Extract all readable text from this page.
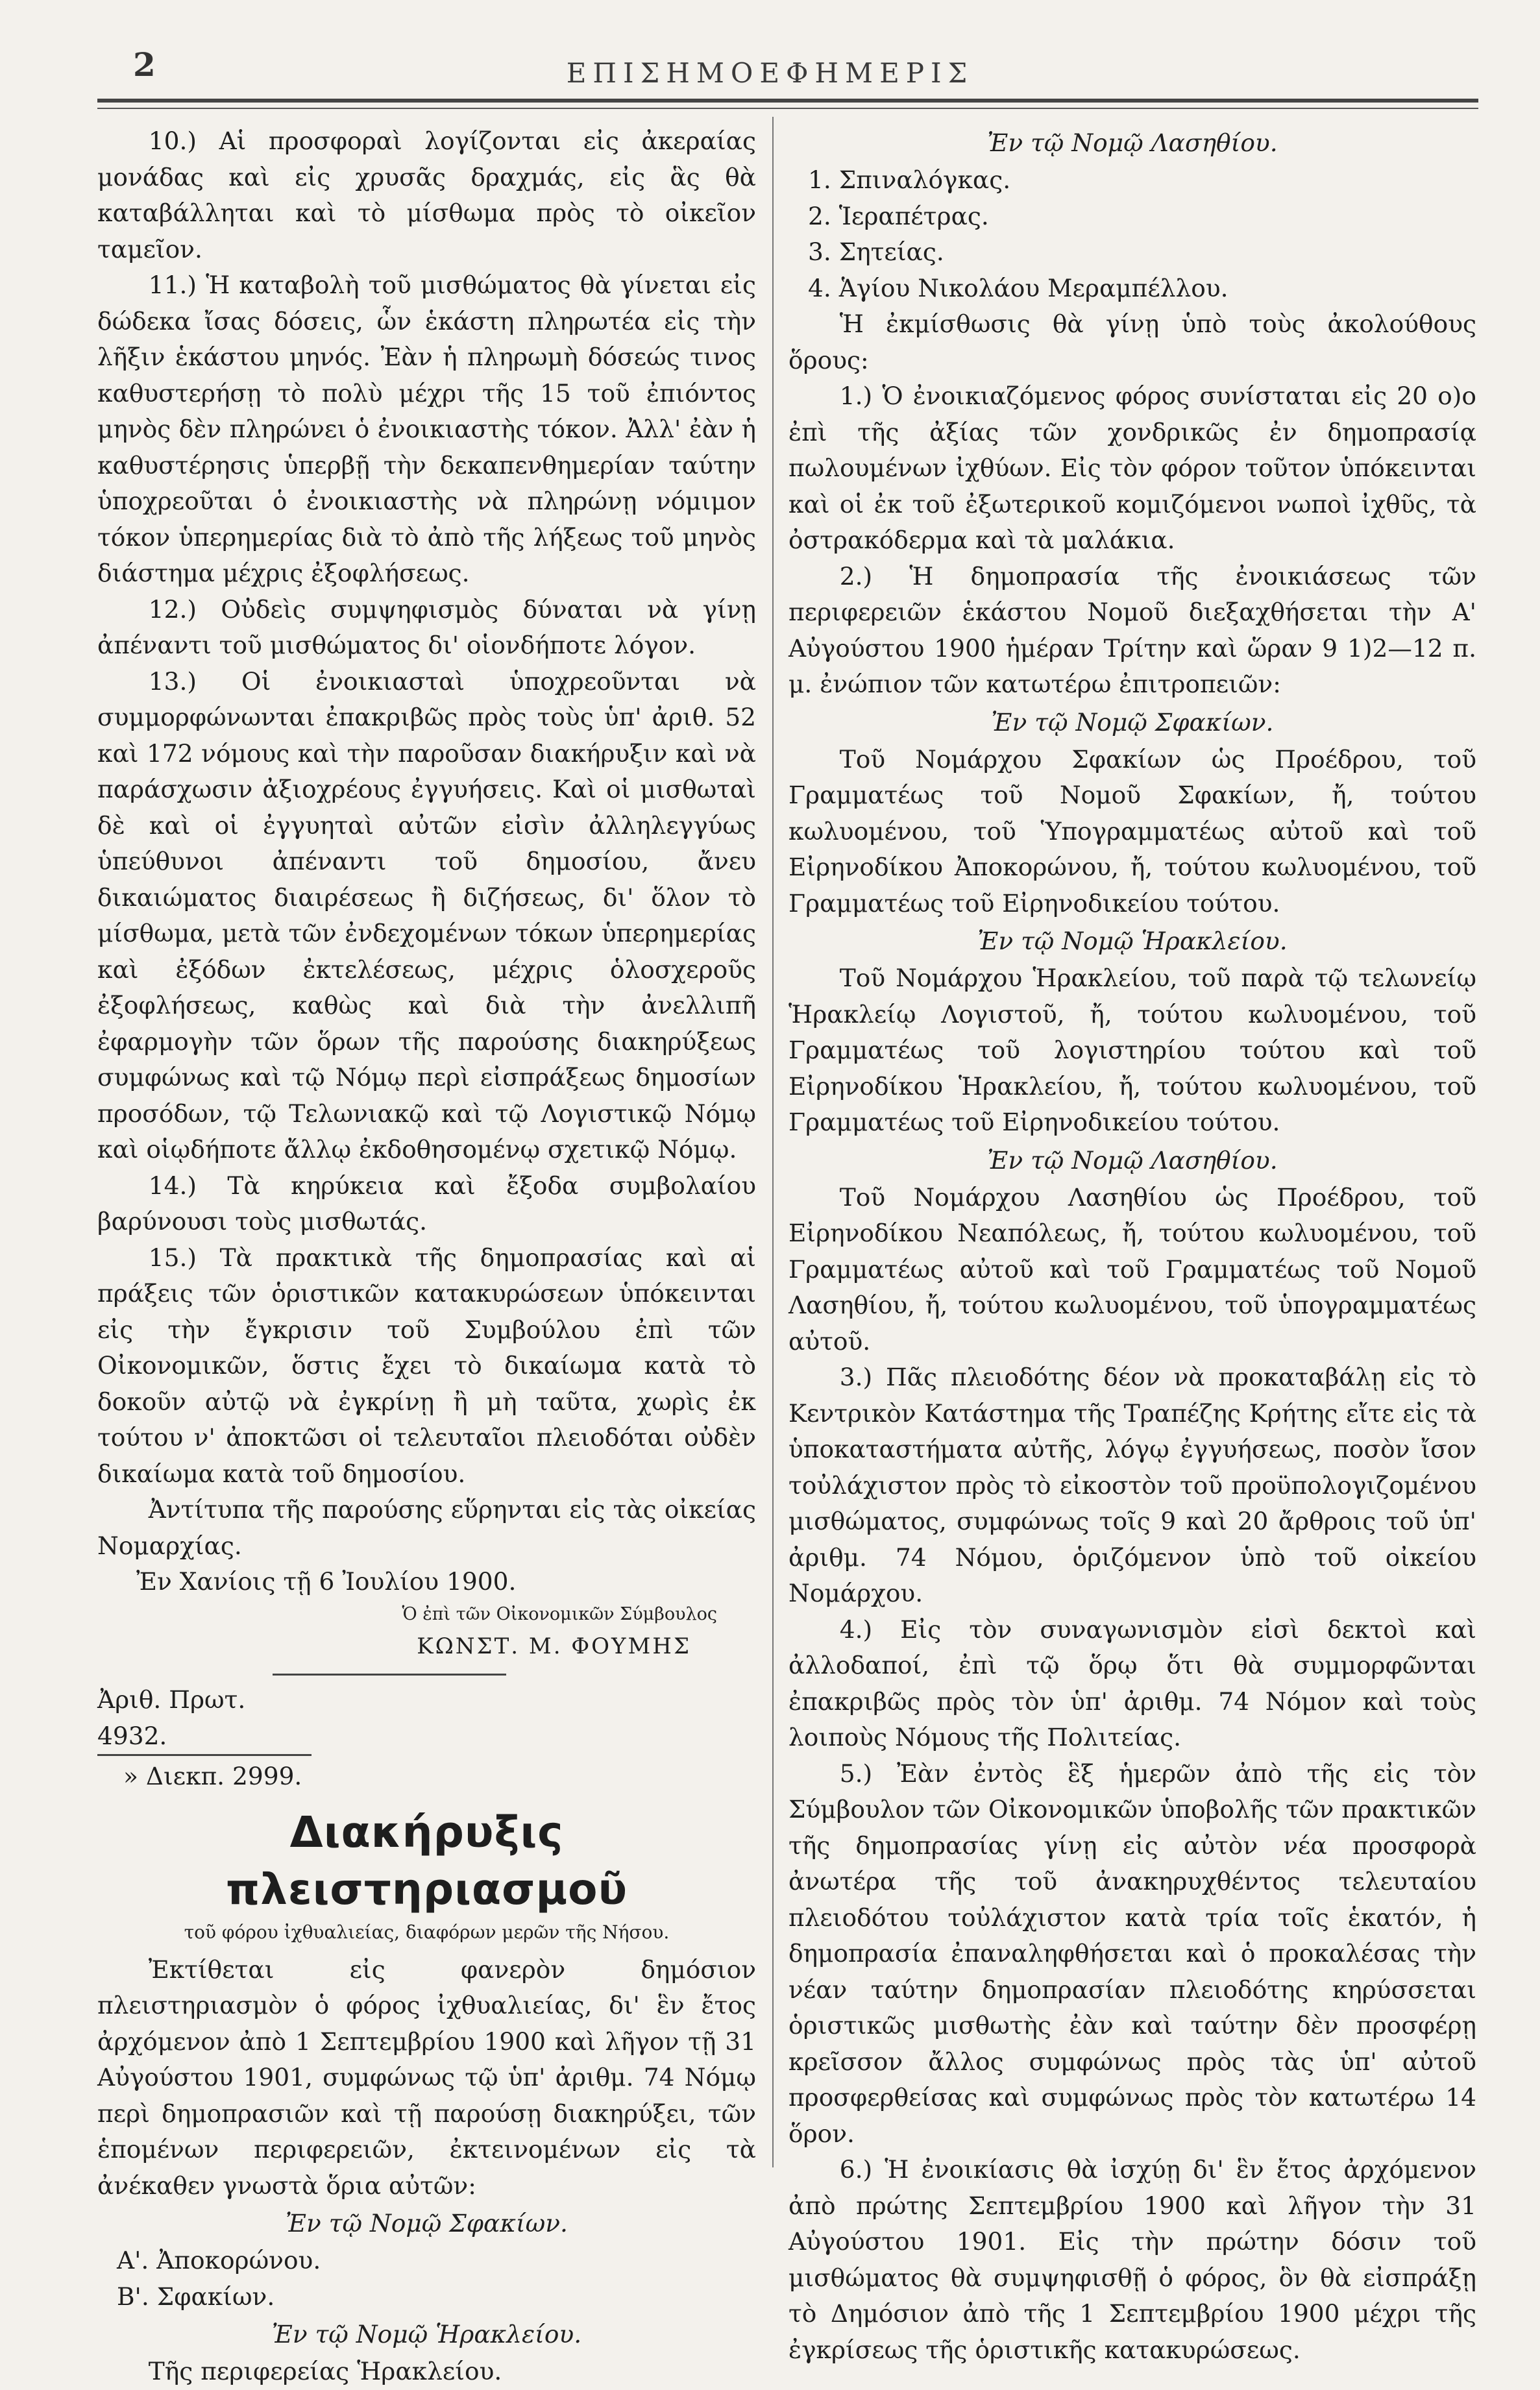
2	ΕΠΙΣΗΜΟΕΦΗΜΕΡΙΣ

10.) Αἱ προσφοραὶ λογίζονται εἰς ἀκεραίας μονάδας καὶ εἰς χρυσᾶς δραχμάς, εἰς ἃς θὰ καταβάλληται καὶ τὸ μίσθωμα πρὸς τὸ οἰκεῖον ταμεῖον.

11.) Ἡ καταβολὴ τοῦ μισθώματος θὰ γίνεται εἰς δώδεκα ἴσας δόσεις, ὧν ἑκάστη πληρωτέα εἰς τὴν λῆξιν ἑκάστου μηνός. Ἐὰν ἡ πληρωμὴ δόσεώς τινος καθυστερήσῃ τὸ πολὺ μέχρι τῆς 15 τοῦ ἐπιόντος μηνὸς δὲν πληρώνει ὁ ἐνοικιαστὴς τόκον. Ἀλλ' ἐὰν ἡ καθυστέρησις ὑπερβῇ τὴν δεκαπενθημερίαν ταύτην ὑποχρεοῦται ὁ ἐνοικιαστὴς νὰ πληρώνῃ νόμιμον τόκον ὑπερημερίας διὰ τὸ ἀπὸ τῆς λήξεως τοῦ μηνὸς διάστημα μέχρις ἐξοφλήσεως.

12.) Οὐδεὶς συμψηφισμὸς δύναται νὰ γίνῃ ἀπέναντι τοῦ μισθώματος δι' οἱονδήποτε λόγον.

13.) Οἱ ἐνοικιασταὶ ὑποχρεοῦνται νὰ συμμορφώνωνται ἐπακριβῶς πρὸς τοὺς ὑπ' ἀριθ. 52 καὶ 172 νόμους καὶ τὴν παροῦσαν διακήρυξιν καὶ νὰ παράσχωσιν ἀξιοχρέους ἐγγυήσεις. Καὶ οἱ μισθωταὶ δὲ καὶ οἱ ἐγγυηταὶ αὐτῶν εἰσὶν ἀλληλεγγύως ὑπεύθυνοι ἀπέναντι τοῦ δημοσίου, ἄνευ δικαιώματος διαιρέσεως ἢ διζήσεως, δι' ὅλον τὸ μίσθωμα, μετὰ τῶν ἐνδεχομένων τόκων ὑπερημερίας καὶ ἐξόδων ἐκτελέσεως, μέχρις ὁλοσχεροῦς ἐξοφλήσεως, καθὼς καὶ διὰ τὴν ἀνελλιπῆ ἐφαρμογὴν τῶν ὅρων τῆς παρούσης διακηρύξεως συμφώνως καὶ τῷ Νόμῳ περὶ εἰσπράξεως δημοσίων προσόδων, τῷ Τελωνιακῷ καὶ τῷ Λογιστικῷ Νόμῳ καὶ οἱῳδήποτε ἄλλῳ ἐκδοθησομένῳ σχετικῷ Νόμῳ.

14.) Τὰ κηρύκεια καὶ ἔξοδα συμβολαίου βαρύνουσι τοὺς μισθωτάς.

15.) Τὰ πρακτικὰ τῆς δημοπρασίας καὶ αἱ πράξεις τῶν ὁριστικῶν κατακυρώσεων ὑπόκεινται εἰς τὴν ἔγκρισιν τοῦ Συμβούλου ἐπὶ τῶν Οἰκονομικῶν, ὅστις ἔχει τὸ δικαίωμα κατὰ τὸ δοκοῦν αὐτῷ νὰ ἐγκρίνῃ ἢ μὴ ταῦτα, χωρὶς ἐκ τούτου ν' ἀποκτῶσι οἱ τελευταῖοι πλειοδόται οὐδὲν δικαίωμα κατὰ τοῦ δημοσίου.

Ἀντίτυπα τῆς παρούσης εὕρηνται εἰς τὰς οἰκείας Νομαρχίας.

Ἐν Χανίοις τῇ 6 Ἰουλίου 1900.

Ὁ ἐπὶ τῶν Οἰκονομικῶν Σύμβουλος
ΚΩΝΣΤ. Μ. ΦΟΥΜΗΣ
Ἀριθ. Πρωτ. 4932.
» Διεκπ. 2999.
Διακήρυξις πλειστηριασμοῦ
τοῦ φόρου ἰχθυαλιείας, διαφόρων μερῶν τῆς Νήσου.

Ἐκτίθεται εἰς φανερὸν δημόσιον πλειστηριασμὸν ὁ φόρος ἰχθυαλιείας, δι' ἓν ἔτος ἀρχόμενον ἀπὸ 1 Σεπτεμβρίου 1900 καὶ λῆγον τῇ 31 Αὐγούστου 1901, συμφώνως τῷ ὑπ' ἀριθμ. 74 Νόμῳ περὶ δημοπρασιῶν καὶ τῇ παρούσῃ διακηρύξει, τῶν ἑπομένων περιφερειῶν, ἐκτεινομένων εἰς τὰ ἀνέκαθεν γνωστὰ ὅρια αὐτῶν:

Ἐν τῷ Νομῷ Σφακίων.
Α'. Ἀποκορώνου.
Β'. Σφακίων.
Ἐν τῷ Νομῷ Ἡρακλείου.

Τῆς περιφερείας Ἡρακλείου.

Ἐν τῷ Νομῷ Λασηθίου.
1. Σπιναλόγκας.
2. Ἱεραπέτρας.
3. Σητείας.
4. Ἁγίου Νικολάου Μεραμπέλλου.

Ἡ ἐκμίσθωσις θὰ γίνῃ ὑπὸ τοὺς ἀκολούθους ὅρους:

1.) Ὁ ἐνοικιαζόμενος φόρος συνίσταται εἰς 20 ο)ο ἐπὶ τῆς ἀξίας τῶν χονδρικῶς ἐν δημοπρασίᾳ πωλουμένων ἰχθύων. Εἰς τὸν φόρον τοῦτον ὑπόκεινται καὶ οἱ ἐκ τοῦ ἐξωτερικοῦ κομιζόμενοι νωποὶ ἰχθῦς, τὰ ὀστρακόδερμα καὶ τὰ μαλάκια.

2.) Ἡ δημοπρασία τῆς ἐνοικιάσεως τῶν περιφερειῶν ἑκάστου Νομοῦ διεξαχθήσεται τὴν Α' Αὐγούστου 1900 ἡμέραν Τρίτην καὶ ὥραν 9 1)2—12 π. μ. ἐνώπιον τῶν κατωτέρω ἐπιτροπειῶν:

Ἐν τῷ Νομῷ Σφακίων.

Τοῦ Νομάρχου Σφακίων ὡς Προέδρου, τοῦ Γραμματέως τοῦ Νομοῦ Σφακίων, ἤ, τούτου κωλυομένου, τοῦ Ὑπογραμματέως αὐτοῦ καὶ τοῦ Εἰρηνοδίκου Ἀποκορώνου, ἤ, τούτου κωλυομένου, τοῦ Γραμματέως τοῦ Εἰρηνοδικείου τούτου.

Ἐν τῷ Νομῷ Ἡρακλείου.

Τοῦ Νομάρχου Ἡρακλείου, τοῦ παρὰ τῷ τελωνείῳ Ἡρακλείῳ Λογιστοῦ, ἤ, τούτου κωλυομένου, τοῦ Γραμματέως τοῦ λογιστηρίου τούτου καὶ τοῦ Εἰρηνοδίκου Ἡρακλείου, ἤ, τούτου κωλυομένου, τοῦ Γραμματέως τοῦ Εἰρηνοδικείου τούτου.

Ἐν τῷ Νομῷ Λασηθίου.

Τοῦ Νομάρχου Λασηθίου ὡς Προέδρου, τοῦ Εἰρηνοδίκου Νεαπόλεως, ἤ, τούτου κωλυομένου, τοῦ Γραμματέως αὐτοῦ καὶ τοῦ Γραμματέως τοῦ Νομοῦ Λασηθίου, ἤ, τούτου κωλυομένου, τοῦ ὑπογραμματέως αὐτοῦ.

3.) Πᾶς πλειοδότης δέον νὰ προκαταβάλῃ εἰς τὸ Κεντρικὸν Κατάστημα τῆς Τραπέζης Κρήτης εἴτε εἰς τὰ ὑποκαταστήματα αὐτῆς, λόγῳ ἐγγυήσεως, ποσὸν ἴσον τοὐλάχιστον πρὸς τὸ εἰκοστὸν τοῦ προϋπολογιζομένου μισθώματος, συμφώνως τοῖς 9 καὶ 20 ἄρθροις τοῦ ὑπ' ἀριθμ. 74 Νόμου, ὁριζόμενον ὑπὸ τοῦ οἰκείου Νομάρχου.

4.) Εἰς τὸν συναγωνισμὸν εἰσὶ δεκτοὶ καὶ ἀλλοδαποί, ἐπὶ τῷ ὅρῳ ὅτι θὰ συμμορφῶνται ἐπακριβῶς πρὸς τὸν ὑπ' ἀριθμ. 74 Νόμον καὶ τοὺς λοιποὺς Νόμους τῆς Πολιτείας.

5.) Ἐὰν ἐντὸς ἓξ ἡμερῶν ἀπὸ τῆς εἰς τὸν Σύμβουλον τῶν Οἰκονομικῶν ὑποβολῆς τῶν πρακτικῶν τῆς δημοπρασίας γίνῃ εἰς αὐτὸν νέα προσφορὰ ἀνωτέρα τῆς τοῦ ἀνακηρυχθέντος τελευταίου πλειοδότου τοὐλάχιστον κατὰ τρία τοῖς ἑκατόν, ἡ δημοπρασία ἐπαναληφθήσεται καὶ ὁ προκαλέσας τὴν νέαν ταύτην δημοπρασίαν πλειοδότης κηρύσσεται ὁριστικῶς μισθωτὴς ἐὰν καὶ ταύτην δὲν προσφέρῃ κρεῖσσον ἄλλος συμφώνως πρὸς τὰς ὑπ' αὐτοῦ προσφερθείσας καὶ συμφώνως πρὸς τὸν κατωτέρω 14 ὅρον.

6.) Ἡ ἐνοικίασις θὰ ἰσχύῃ δι' ἓν ἔτος ἀρχόμενον ἀπὸ πρώτης Σεπτεμβρίου 1900 καὶ λῆγον τὴν 31 Αὐγούστου 1901. Εἰς τὴν πρώτην δόσιν τοῦ μισθώματος θὰ συμψηφισθῇ ὁ φόρος, ὃν θὰ εἰσπράξῃ τὸ Δημόσιον ἀπὸ τῆς 1 Σεπτεμβρίου 1900 μέχρι τῆς ἐγκρίσεως τῆς ὁριστικῆς κατακυρώσεως.
